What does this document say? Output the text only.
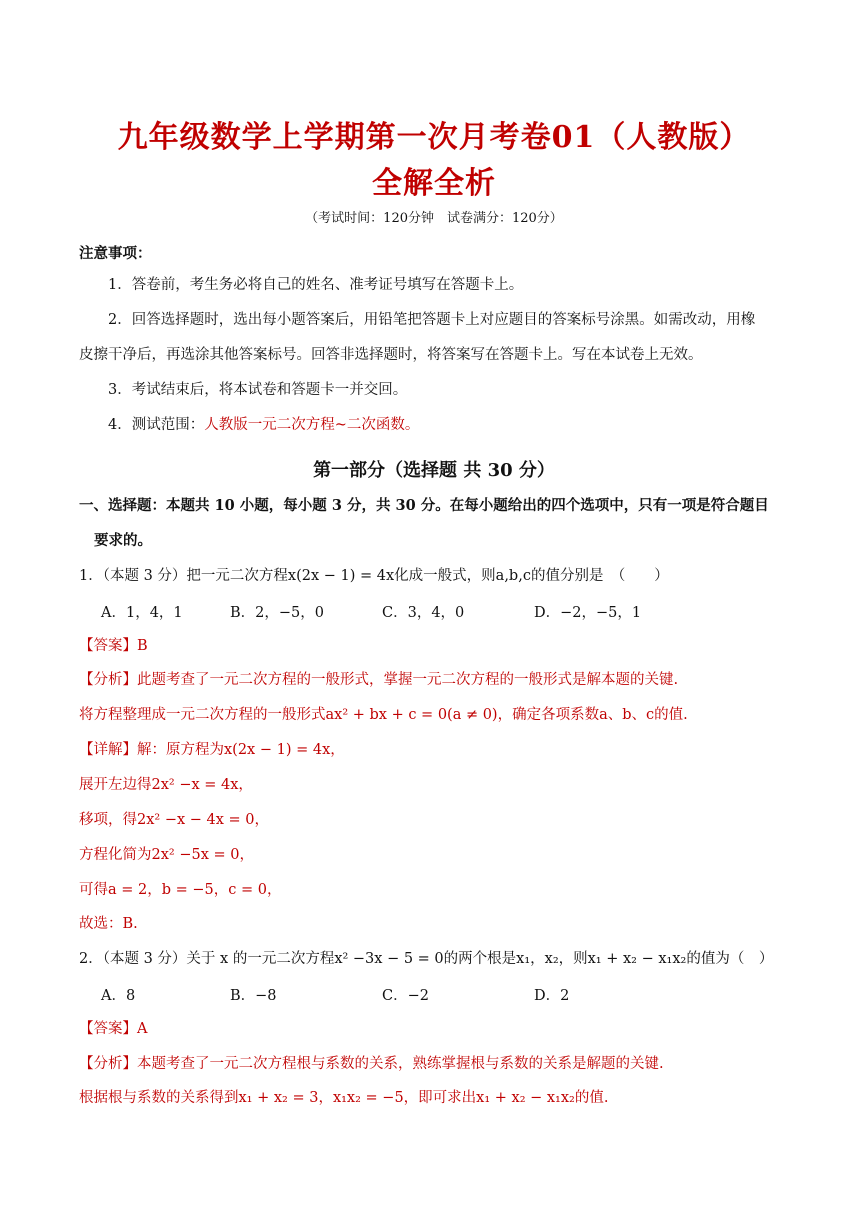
九年级数学上学期第一次月考卷01（人教版）
全解全析
（考试时间：120分钟　试卷满分：120分）
注意事项：
1．答卷前，考生务必将自己的姓名、准考证号填写在答题卡上。
2．回答选择题时，选出每小题答案后，用铅笔把答题卡上对应题目的答案标号涂黑。如需改动，用橡
皮擦干净后，再选涂其他答案标号。回答非选择题时，将答案写在答题卡上。写在本试卷上无效。
3．考试结束后，将本试卷和答题卡一并交回。
4．测试范围：人教版一元二次方程~二次函数。
第一部分（选择题 共 30 分）
一、选择题：本题共 10 小题，每小题 3 分，共 30 分。在每小题给出的四个选项中，只有一项是符合题目
要求的。
1．（本题 3 分）把一元二次方程x(2x − 1) = 4x化成一般式，则a,b,c的值分别是　（　　）
A．1，4，1	B．2，−5，0	C．3，4，0	D．−2，−5，1
【答案】B
【分析】此题考查了一元二次方程的一般形式，掌握一元二次方程的一般形式是解本题的关键.
将方程整理成一元二次方程的一般形式ax² + bx + c = 0(a ≠ 0)，确定各项系数a、b、c的值.
【详解】解：原方程为x(2x − 1) = 4x，
展开左边得2x² −x = 4x，
移项，得2x² −x − 4x = 0，
方程化简为2x² −5x = 0，
可得a = 2，b = −5，c = 0，
故选：B.
2．（本题 3 分）关于 x 的一元二次方程x² −3x − 5 = 0的两个根是x₁，x₂，则x₁ + x₂ − x₁x₂的值为（　）
A．8	B．−8	C．−2	D．2
【答案】A
【分析】本题考查了一元二次方程根与系数的关系，熟练掌握根与系数的关系是解题的关键.
根据根与系数的关系得到x₁ + x₂ = 3，x₁x₂ = −5，即可求出x₁ + x₂ − x₁x₂的值.
